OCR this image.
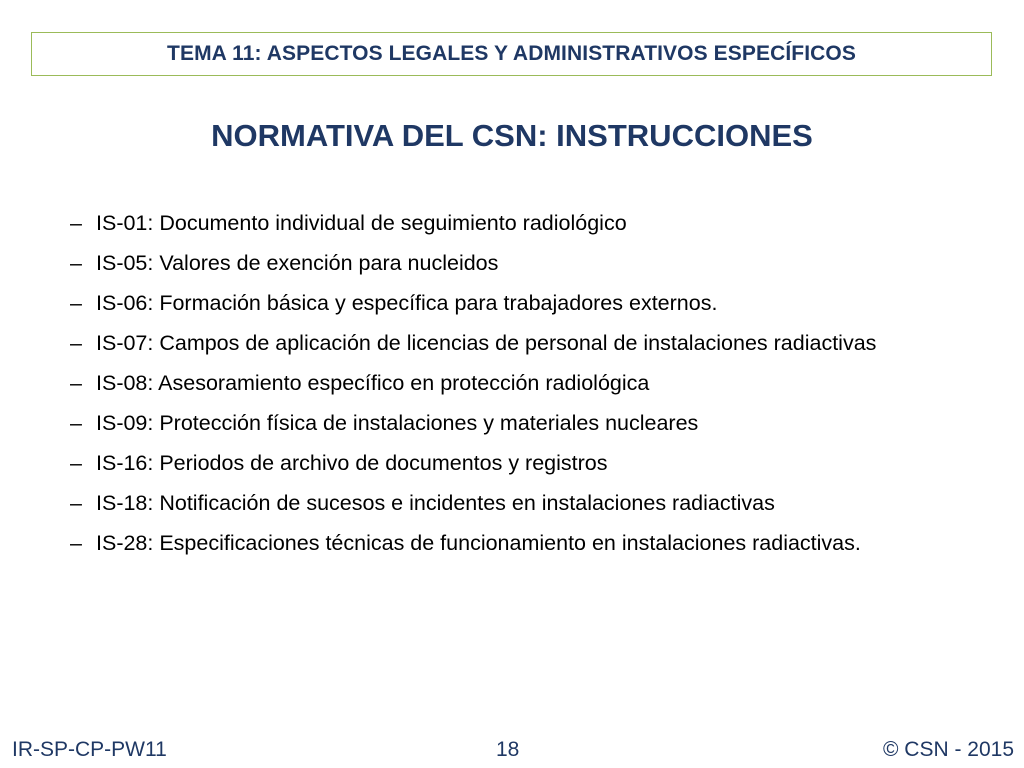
TEMA 11: ASPECTOS LEGALES Y ADMINISTRATIVOS ESPECÍFICOS
NORMATIVA DEL CSN: INSTRUCCIONES
– IS-01: Documento individual de seguimiento radiológico
– IS-05: Valores de exención para nucleidos
– IS-06: Formación básica y específica para trabajadores externos.
– IS-07: Campos de aplicación de licencias de personal de instalaciones radiactivas
– IS-08: Asesoramiento específico en protección radiológica
– IS-09: Protección física de instalaciones y materiales nucleares
– IS-16: Periodos de archivo de documentos y registros
– IS-18: Notificación de sucesos e incidentes en instalaciones radiactivas
– IS-28: Especificaciones técnicas de funcionamiento en instalaciones radiactivas.
IR-SP-CP-PW11	18	© CSN - 2015
